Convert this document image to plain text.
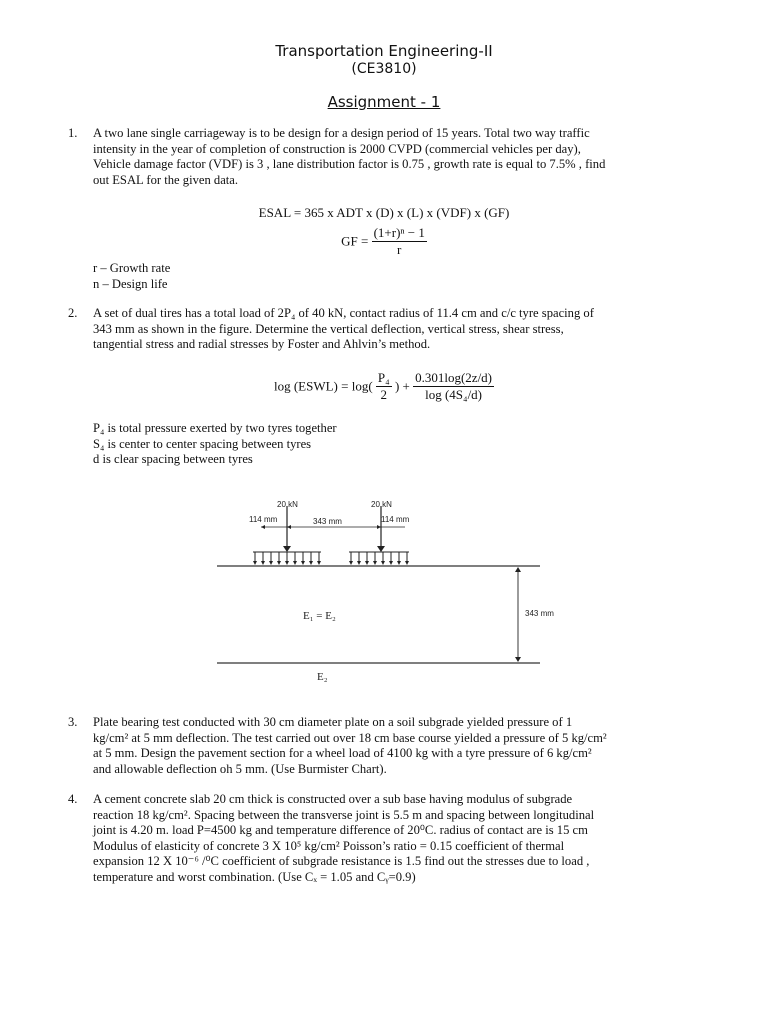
Transportation Engineering-II
(CE3810)
Assignment - 1
1. A two lane single carriageway is to be design for a design period of 15 years. Total two way traffic
intensity in the year of completion of construction is 2000 CVPD (commercial vehicles per day),
Vehicle damage factor (VDF) is 3 , lane distribution factor is 0.75 , growth rate is equal to 7.5% , find
out ESAL for the given data.
ESAL = 365 x ADT x (D) x (L) x (VDF) x (GF)
GF = $\frac{\text{(1+r)ⁿ − 1}}{r}$
r – Growth rate
n – Design life
2. A set of dual tires has a total load of 2P₄ of 40 kN, contact radius of 11.4 cm and c/c tyre spacing of
343 mm as shown in the figure. Determine the vertical deflection, vertical stress, shear stress,
tangential stress and radial stresses by Foster and Ahlvin’s method.
log (ESWL) = $\log( \frac{\text{P₄}}{2}$ ) + $\frac{0.301\log(2z/d)}{\text{log (4S₄/d)}}$
P₄ is total pressure exerted by two tyres together
S₄ is center to center spacing between tyres
d is clear spacing between tyres
20 kN	20 kN
114 mm	343 mm	114 mm
343 mm
E₁ = E₂
E₂
3. Plate bearing test conducted with 30 cm diameter plate on a soil subgrade yielded pressure of 1
kg/cm² at 5 mm deflection. The test carried out over 18 cm base course yielded a pressure of 5 kg/cm²
at 5 mm. Design the pavement section for a wheel load of 4100 kg with a tyre pressure of 6 kg/cm²
and allowable deflection oh 5 mm. (Use Burmister Chart).
4. A cement concrete slab 20 cm thick is constructed over a sub base having modulus of subgrade
reaction 18 kg/cm². Spacing between the transverse joint is 5.5 m and spacing between longitudinal
joint is 4.20 m. load P=4500 kg and temperature difference of 20⁰C. radius of contact are is 15 cm
Modulus of elasticity of concrete 3 X 10⁵ kg/cm² Poisson’s ratio = 0.15 coefficient of thermal
expansion 12 X 10⁻⁶ /⁰C coefficient of subgrade resistance is 1.5 find out the stresses due to load ,
temperature and worst combination. (Use Cₓ = 1.05 and Cᵧ=0.9)
